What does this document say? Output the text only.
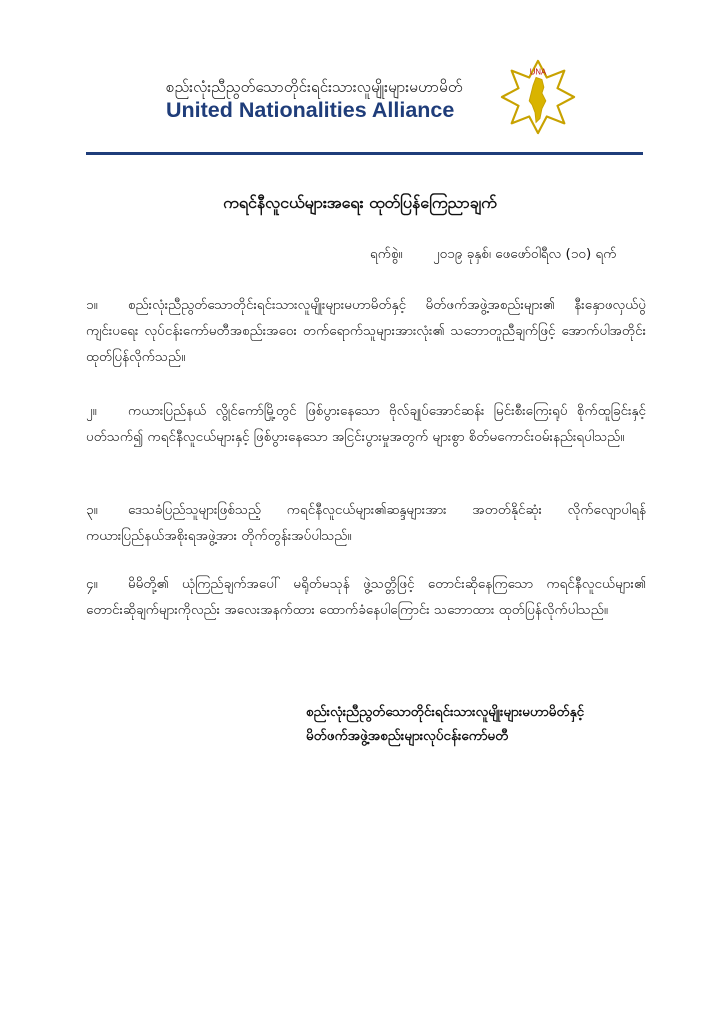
စည်းလုံးညီညွတ်သောတိုင်းရင်းသားလူမျိုးများမဟာမိတ်
United Nationalities Alliance
UNA
ကရင်နီလူငယ်များအရေး ထုတ်ပြန်ကြေညာချက်
ရက်စွဲ။ ၂၀၁၉ ခုနှစ်၊ ဖေဖော်ဝါရီလ (၁၀) ရက်
၁။ စည်းလုံးညီညွတ်သောတိုင်းရင်းသားလူမျိုးများမဟာမိတ်နှင့် မိတ်ဖက်အဖွဲ့အစည်းများ၏ နီးနှောဖလှယ်ပွဲ ကျင်းပရေး လုပ်ငန်းကော်မတီအစည်းအဝေး တက်ရောက်သူများအားလုံး၏ သဘောတူညီချက်ဖြင့် အောက်ပါအတိုင်း ထုတ်ပြန်လိုက်သည်။
၂။ ကယားပြည်နယ် လွိုင်ကော်မြို့တွင် ဖြစ်ပွားနေသော ဗိုလ်ချုပ်အောင်ဆန်း မြင်းစီးကြေးရုပ် စိုက်ထူခြင်းနှင့် ပတ်သက်၍ ကရင်နီလူငယ်များနှင့် ဖြစ်ပွားနေသော အငြင်းပွားမှုအတွက် များစွာ စိတ်မကောင်းဝမ်းနည်းရပါသည်။
၃။ ဒေသခံပြည်သူများဖြစ်သည့် ကရင်နီလူငယ်များ၏ဆန္ဒများအား အတတ်နိုင်ဆုံး လိုက်လျောပါရန် ကယားပြည်နယ်အစိုးရအဖွဲ့အား တိုက်တွန်းအပ်ပါသည်။
၄။ မိမိတို့၏ ယုံကြည်ချက်အပေါ် မရိုတ်မသုန် ဖွဲ့သတ္တိဖြင့် တောင်းဆိုနေကြသော ကရင်နီလူငယ်များ၏ တောင်းဆိုချက်များကိုလည်း အလေးအနက်ထား ထောက်ခံနေပါကြောင်း သဘောထား ထုတ်ပြန်လိုက်ပါသည်။
စည်းလုံးညီညွတ်သောတိုင်းရင်းသားလူမျိုးများမဟာမိတ်နှင့်
မိတ်ဖက်အဖွဲ့အစည်းများလုပ်ငန်းကော်မတီ
